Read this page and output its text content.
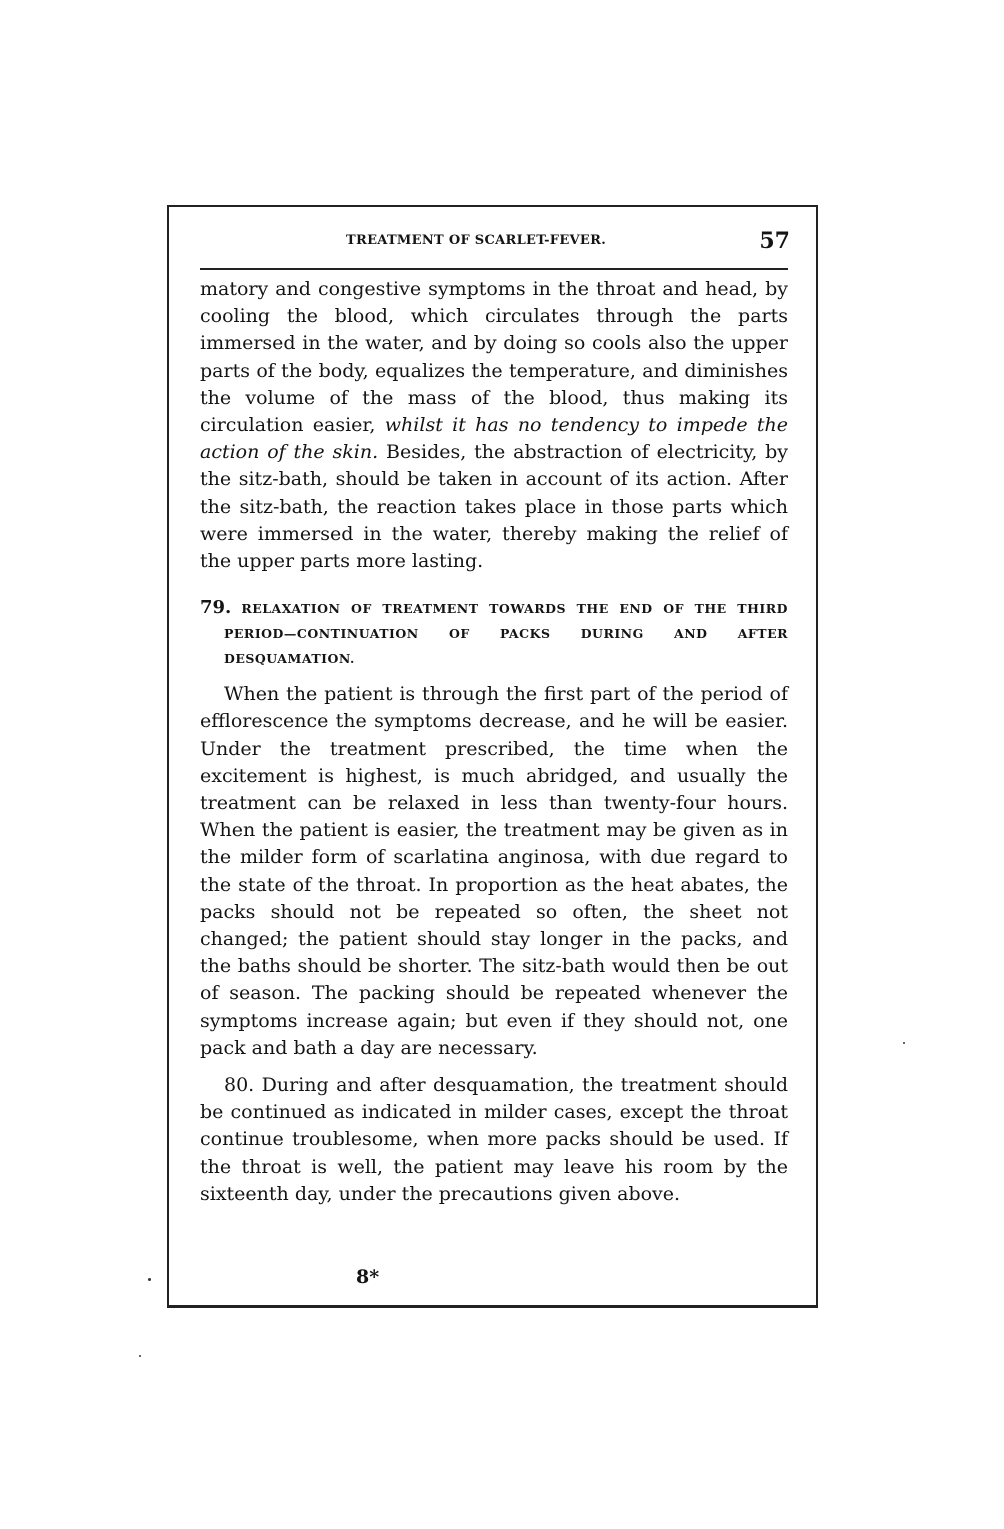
TREATMENT OF SCARLET-FEVER.	57

matory and congestive symptoms in the throat and head, by cooling the blood, which circulates through the parts immersed in the water, and by doing so cools also the upper parts of the body, equalizes the temperature, and diminishes the volume of the mass of the blood, thus making its circulation easier, whilst it has no tendency to impede the action of the skin. Besides, the abstraction of electricity, by the sitz-bath, should be taken in account of its action. After the sitz-bath, the reaction takes place in those parts which were immersed in the water, thereby making the relief of the upper parts more lasting.

79. RELAXATION OF TREATMENT TOWARDS THE END OF THE THIRD PERIOD—CONTINUATION OF PACKS DURING AND AFTER DESQUAMATION.

When the patient is through the first part of the period of efflorescence the symptoms decrease, and he will be easier. Under the treatment prescribed, the time when the excitement is highest, is much abridged, and usually the treatment can be relaxed in less than twenty-four hours. When the patient is easier, the treatment may be given as in the milder form of scarlatina anginosa, with due regard to the state of the throat. In proportion as the heat abates, the packs should not be repeated so often, the sheet not changed; the patient should stay longer in the packs, and the baths should be shorter. The sitz-bath would then be out of season. The packing should be repeated whenever the symptoms increase again; but even if they should not, one pack and bath a day are necessary.

80. During and after desquamation, the treatment should be continued as indicated in milder cases, except the throat continue troublesome, when more packs should be used. If the throat is well, the patient may leave his room by the sixteenth day, under the precautions given above.

8*
